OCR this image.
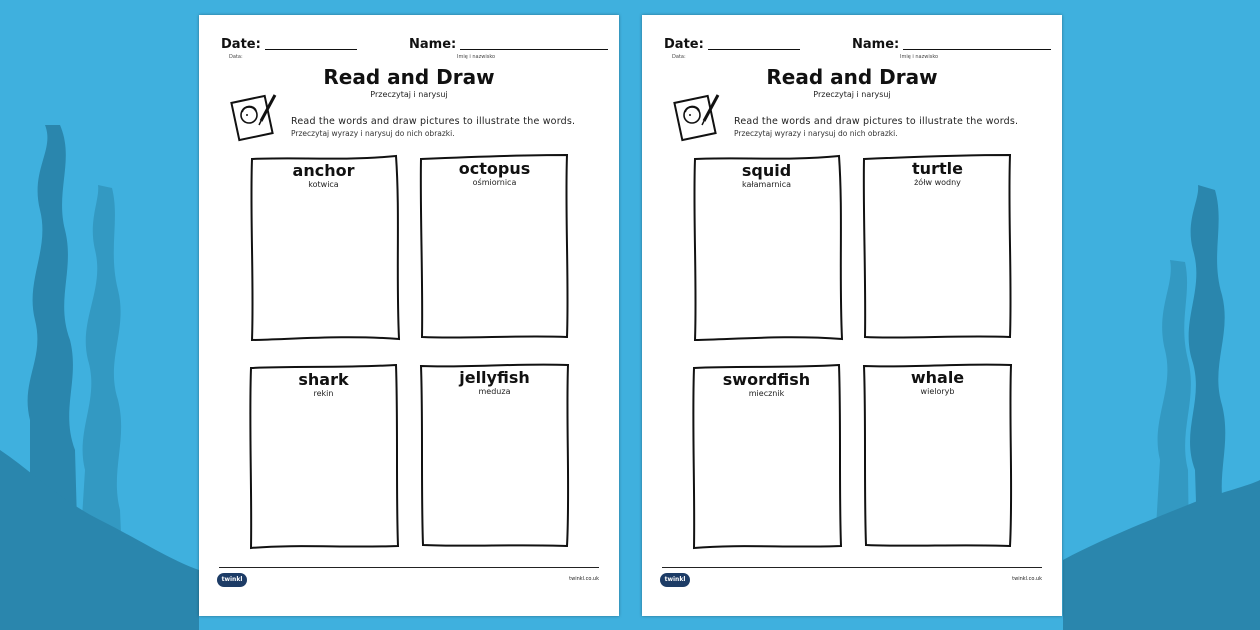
Date:
Data:
Name:
Imię i nazwisko
Read and Draw
Przeczytaj i narysuj
Read the words and draw pictures to illustrate the words.
Przeczytaj wyrazy i narysuj do nich obrazki.
anchor
kotwica
octopus
ośmiornica
shark
rekin
jellyfish
meduza
twinkl	twinkl.co.uk
Date:
Data:
Name:
Imię i nazwisko
Read and Draw
Przeczytaj i narysuj
Read the words and draw pictures to illustrate the words.
Przeczytaj wyrazy i narysuj do nich obrazki.
squid
kałamarnica
turtle
żółw wodny
swordfish
miecznik
whale
wieloryb
twinkl	twinkl.co.uk
